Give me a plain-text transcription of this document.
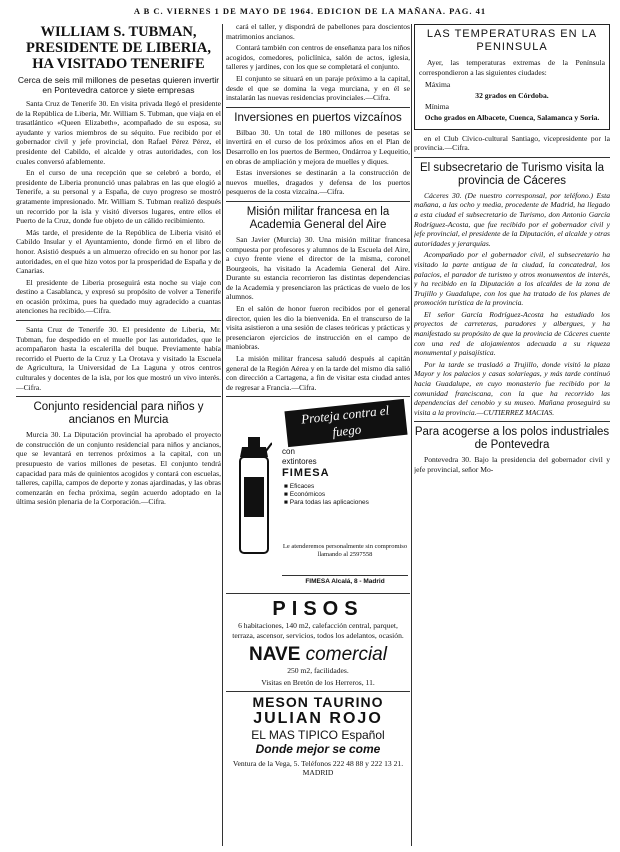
A B C. VIERNES 1 DE MAYO DE 1964. EDICION DE LA MAÑANA. PAG. 41
WILLIAM S. TUBMAN, PRESIDENTE DE LIBERIA, HA VISITADO TENERIFE
Cerca de seis mil millones de pesetas quieren invertir en Pontevedra catorce y siete empresas

Santa Cruz de Tenerife 30. En visita privada llegó el presidente de la República de Liberia, Mr. William S. Tubman, que viaja en el trasatlántico «Queen Elizabeth», acompañado de su esposa, su ayudante y varios miembros de su séquito. Fue recibido por el gobernador civil y jefe provincial, don Rafael Pérez Pérez, el presidente del Cabildo, el alcalde y otras autoridades, con los cuales conversó afablemente.

En el curso de una recepción que se celebró a bordo, el presidente de Liberia pronunció unas palabras en las que elogió a Tenerife, a su personal y a España, de cuyo progreso se mostró gratamente impresionado. Mr. William S. Tubman realizó después un recorrido por la isla y visitó diversos lugares, entre ellos el Puerto de la Cruz, donde fue objeto de un cálido recibimiento.

Más tarde, el presidente de la República de Liberia visitó el Cabildo Insular y el Ayuntamiento, donde firmó en el libro de honor. Asistió después a un almuerzo ofrecido en su honor por las autoridades, en el que hizo votos por la prosperidad de España y de Canarias.

El presidente de Liberia proseguirá esta noche su viaje con destino a Casablanca, y expresó su propósito de volver a Tenerife en ocasión próxima, pues ha quedado muy agradecido a cuantas atenciones ha recibido.—Cifra.

Santa Cruz de Tenerife 30. El presidente de Liberia, Mr. Tubman, fue despedido en el muelle por las autoridades, que le acompañaron hasta la escalerilla del buque. Previamente había recorrido el Puerto de la Cruz y La Orotava y visitado la Escuela de Agricultura, la Universidad de La Laguna y otros centros culturales y docentes de la isla, por los que mostró un vivo interés.—Cifra.

Conjunto residencial para niños y ancianos en Murcia

Murcia 30. La Diputación provincial ha aprobado el proyecto de construcción de un conjunto residencial para niños y ancianos, que se levantará en terrenos próximos a la capital, con un presupuesto de varios millones de pesetas. El conjunto tendrá capacidad para más de quinientos acogidos y contará con escuelas, talleres, capilla, campos de deporte y zonas ajardinadas, y las obras comenzarán en fecha próxima, según acuerdo adoptado en la última sesión plenaria de la Corporación.—Cifra.

cará el taller, y dispondrá de pabellones para doscientos matrimonios ancianos.

Contará también con centros de enseñanza para los niños acogidos, comedores, policlínica, salón de actos, iglesia, talleres y jardines, con los que se completará el conjunto.

El conjunto se situará en un paraje próximo a la capital, desde el que se domina la vega murciana, y en él se instalarán las nuevas residencias provinciales.—Cifra.

Inversiones en puertos vizcaínos

Bilbao 30. Un total de 180 millones de pesetas se invertirá en el curso de los próximos años en el Plan de Desarrollo en los puertos de Bermeo, Ondárroa y Lequeitio, en obras de ampliación y mejora de muelles y diques.

Estas inversiones se destinarán a la construcción de nuevos muelles, dragados y defensa de los puertos pesqueros de la costa vizcaína.—Cifra.

Misión militar francesa en la Academia General del Aire

San Javier (Murcia) 30. Una misión militar francesa compuesta por profesores y alumnos de la Escuela del Aire, a cuyo frente viene el director de la misma, coronel Bourgeois, ha visitado la Academia General del Aire. Durante su estancia recorrieron las distintas dependencias de la Academia y presenciaron las prácticas de vuelo de los alumnos.

En el salón de honor fueron recibidos por el general director, quien les dio la bienvenida. En el transcurso de la visita asistieron a una sesión de clases teóricas y prácticas y presenciaron ejercicios de instrucción en el campo de maniobras.

La misión militar francesa saludó después al capitán general de la Región Aérea y en la tarde del mismo día salió con dirección a Cartagena, a fin de visitar esta ciudad antes de regresar a Francia.—Cifra.

Proteja contra el fuego
con
extintores
FIMESA
■ Eficaces
■ Económicos
■ Para todas las aplicaciones
Le atenderemos personalmente sin compromiso llamando al 2597558
FIMESA Alcalá, 8 - Madrid
PISOS
6 habitaciones, 140 m2, calefacción central, parquet, terraza, ascensor, servicios, todos los adelantos, ocasión.
NAVE comercial
250 m2, facilidades.
Visitas en Bretón de los Herreros, 11.
MESON TAURINO
JULIAN ROJO
EL MAS TIPICO Español
Donde mejor se come
Ventura de la Vega, 5. Teléfonos 222 48 88 y 222 13 21. MADRID
LAS TEMPERATURAS EN LA PENINSULA
Ayer, las temperaturas extremas de la Península correspondieron a las siguientes ciudades:
Máxima
32 grados en Córdoba.
Mínima
Ocho grados en Albacete, Cuenca, Salamanca y Soria.

en el Club Cívico-cultural Santiago, vicepresidente por la provincia.—Cifra.

El subsecretario de Turismo visita la provincia de Cáceres

Cáceres 30. (De nuestro corresponsal, por teléfono.) Esta mañana, a las ocho y media, procedente de Madrid, ha llegado a esta ciudad el subsecretario de Turismo, don Antonio García Rodríguez-Acosta, que fue recibido por el gobernador civil y jefe provincial, el presidente de la Diputación, el alcalde y otras autoridades y jerarquías.

Acompañado por el gobernador civil, el subsecretario ha visitado la parte antigua de la ciudad, la concatedral, los palacios, el parador de turismo y otros monumentos de interés, y ha recibido en la Diputación a los alcaldes de la zona de Trujillo y Guadalupe, con los que ha tratado de los planes de promoción turística de la provincia.

El señor García Rodríguez-Acosta ha estudiado los proyectos de carreteras, paradores y albergues, y ha manifestado su propósito de que la provincia de Cáceres cuente con una red de alojamientos adecuada a su riqueza monumental y paisajística.

Por la tarde se trasladó a Trujillo, donde visitó la plaza Mayor y los palacios y casas solariegas, y más tarde continuó hacia Guadalupe, en cuyo monasterio fue recibido por la comunidad franciscana, con la que ha recorrido las dependencias del cenobio y su museo. Mañana proseguirá su visita a la provincia.—CUTIERREZ MACIAS.

Para acogerse a los polos industriales de Pontevedra

Pontevedra 30. Bajo la presidencia del gobernador civil y jefe provincial, señor Mo-
